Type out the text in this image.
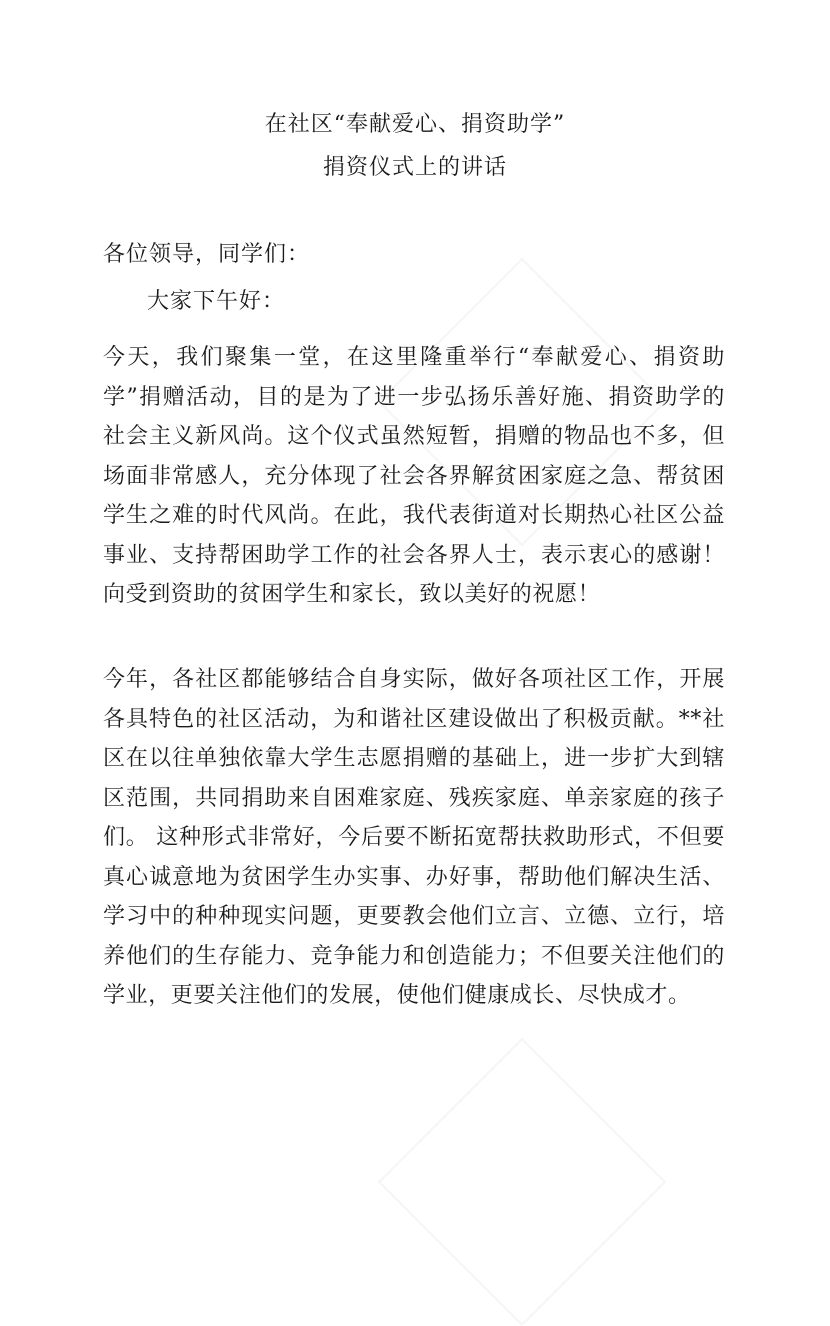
在社区“奉献爱心、捐资助学”
捐资仪式上的讲话
各位领导，同学们：
大家下午好：

今天，我们聚集一堂，在这里隆重举行“奉献爱心、捐资助学”捐赠活动，目的是为了进一步弘扬乐善好施、捐资助学的社会主义新风尚。这个仪式虽然短暂，捐赠的物品也不多，但场面非常感人，充分体现了社会各界解贫困家庭之急、帮贫困学生之难的时代风尚。在此，我代表街道对长期热心社区公益事业、支持帮困助学工作的社会各界人士，表示衷心的感谢！向受到资助的贫困学生和家长，致以美好的祝愿！

今年，各社区都能够结合自身实际，做好各项社区工作，开展各具特色的社区活动，为和谐社区建设做出了积极贡献。**社区在以往单独依靠大学生志愿捐赠的基础上，进一步扩大到辖区范围，共同捐助来自困难家庭、残疾家庭、单亲家庭的孩子们。 这种形式非常好，今后要不断拓宽帮扶救助形式，不但要真心诚意地为贫困学生办实事、办好事，帮助他们解决生活、学习中的种种现实问题，更要教会他们立言、立德、立行，培养他们的生存能力、竞争能力和创造能力；不但要关注他们的学业，更要关注他们的发展，使他们健康成长、尽快成才。
